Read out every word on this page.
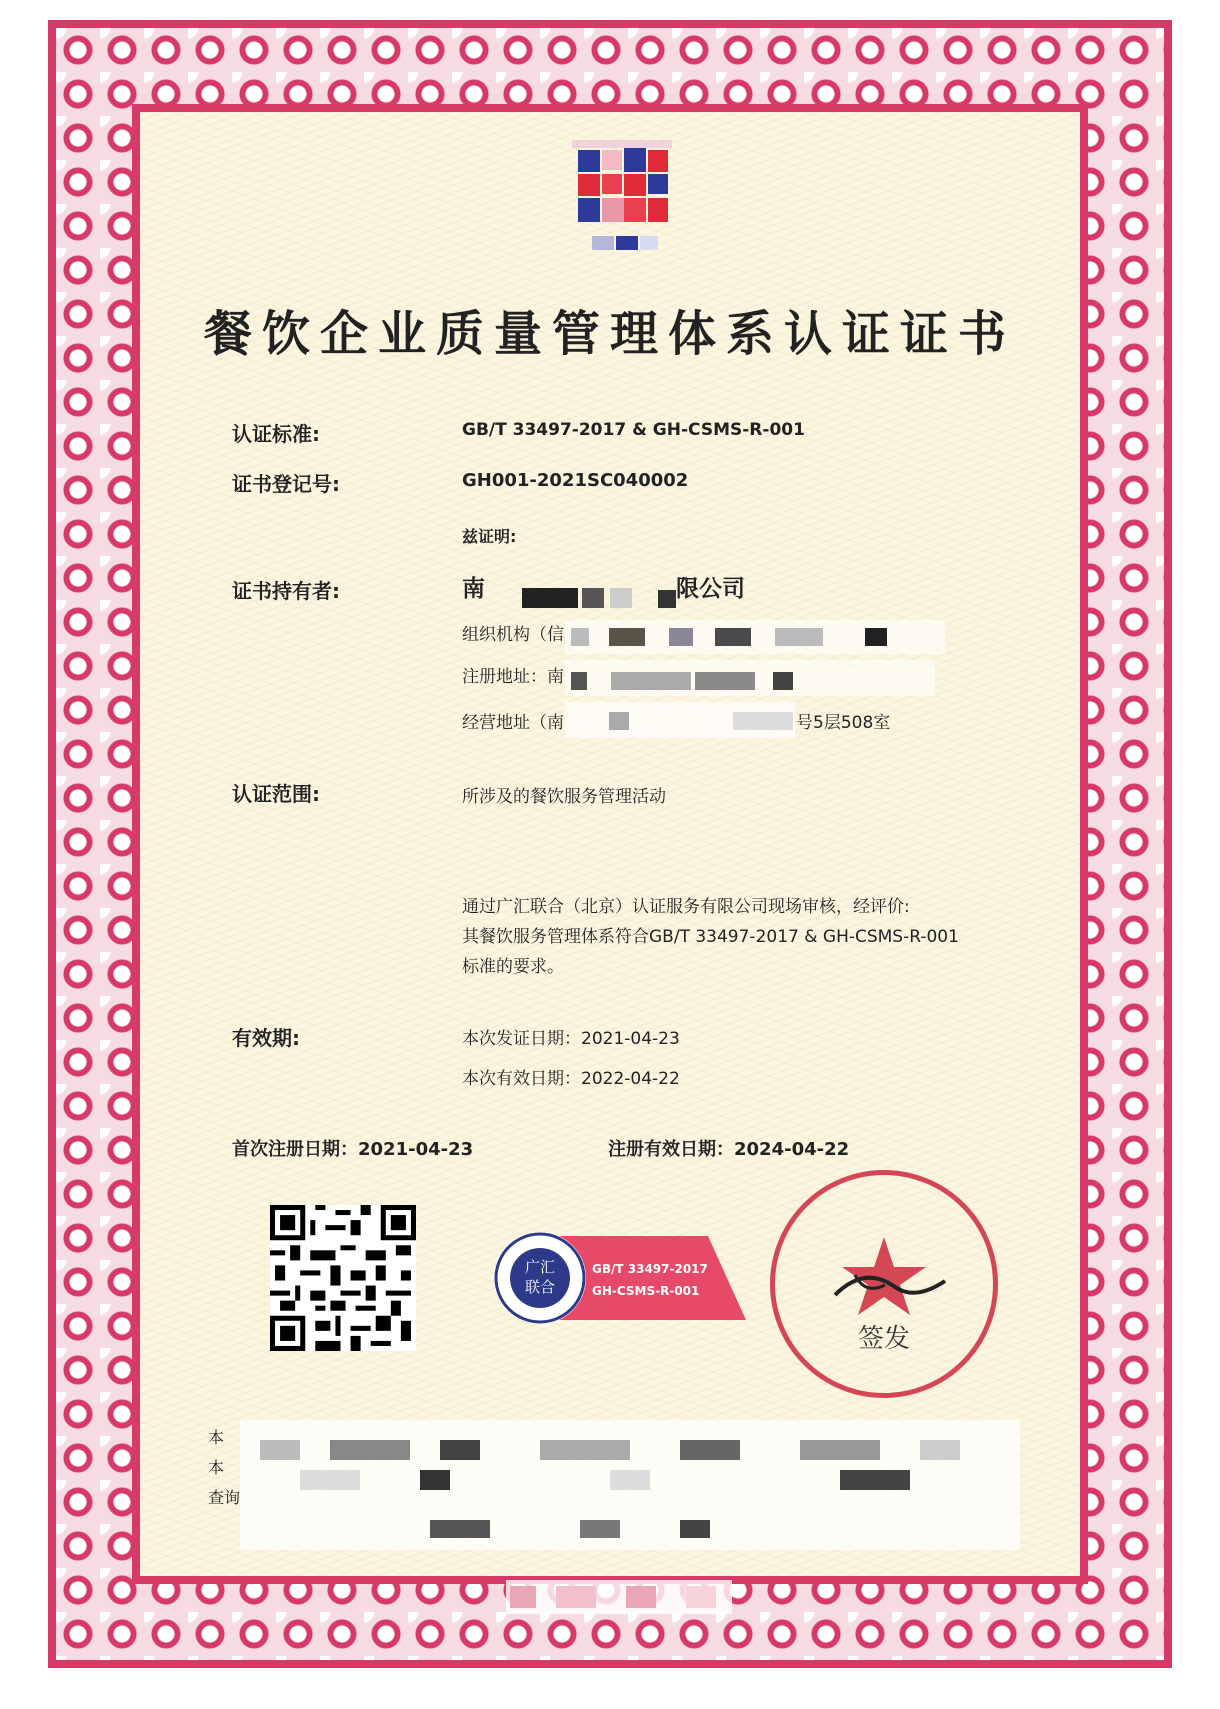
餐饮企业质量管理体系认证证书
认证标准:	GB/T 33497-2017 & GH-CSMS-R-001
证书登记号:	GH001-2021SC040002
兹证明:
证书持有者:	南	限公司
组织机构（信
注册地址：南
经营地址（南	号5层508室
认证范围:	所涉及的餐饮服务管理活动
通过广汇联合（北京）认证服务有限公司现场审核，经评价:
其餐饮服务管理体系符合GB/T 33497-2017 & GH-CSMS-R-001
标准的要求。
有效期:	本次发证日期：2021-04-23
本次有效日期：2022-04-22
首次注册日期：2021-04-23	注册有效日期：2024-04-22
广汇
联合
GB/T 33497-2017
GH-CSMS-R-001
签发
本
本
查询
